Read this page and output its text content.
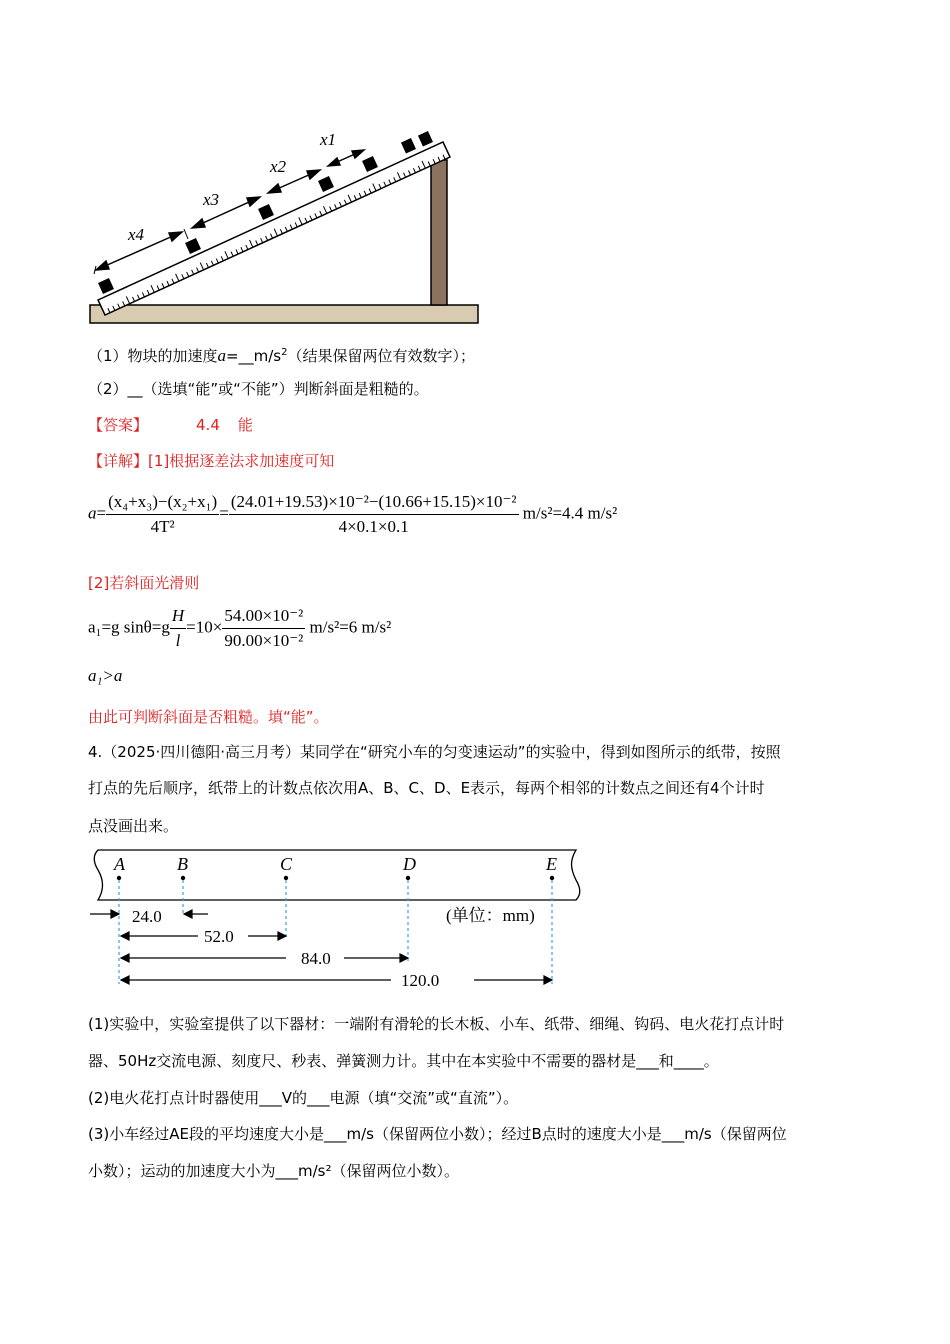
x4
x3
x2
x1
（1）物块的加速度$a=\_\_m/s^2$（结果保留两位有效数字）；
（2）__（选填“能”或“不能”）判断斜面是粗糙的。
【答案】	4.4 能
【详解】[1]根据逐差法求加速度可知
$a= \frac{\text{(x₄+x₃)−(x₂+x₁)}}{\text{4T²}} = \frac{\text{(24.01+19.53)×10⁻²−(10.66+15.15)×10⁻²}}{4\times 0.1\times 0.1} m/s^2=4.4$ m/s²
[2]若斜面光滑则
a₁=g $\sin\theta=g \frac{H}{l} =10\times \frac{\text{54.00×10⁻²}}{\text{90.00×10⁻²}} m/s^2=6$ m/s²
a₁>a
由此可判断斜面是否粗糙。填“能”。
4.（2025·四川德阳·高三月考）某同学在“研究小车的匀变速运动”的实验中，得到如图所示的纸带，按照
打点的先后顺序，纸带上的计数点依次用A、B、C、D、E表示，每两个相邻的计数点之间还有4个计时
点没画出来。
A	B	C	D	E
24.0
52.0
84.0
120.0
(单位：mm)
(1)实验中，实验室提供了以下器材：一端附有滑轮的长木板、小车、纸带、细绳、钩码、电火花打点计时
器、50Hz交流电源、刻度尺、秒表、弹簧测力计。其中在本实验中不需要的器材是___和____。
(2)电火花打点计时器使用___V的___电源（填“交流”或“直流”）。
(3)小车经过AE段的平均速度大小是___m/s（保留两位小数）；经过B点时的速度大小是___m/s（保留两位
小数）；运动的加速度大小为___m/s²（保留两位小数）。
